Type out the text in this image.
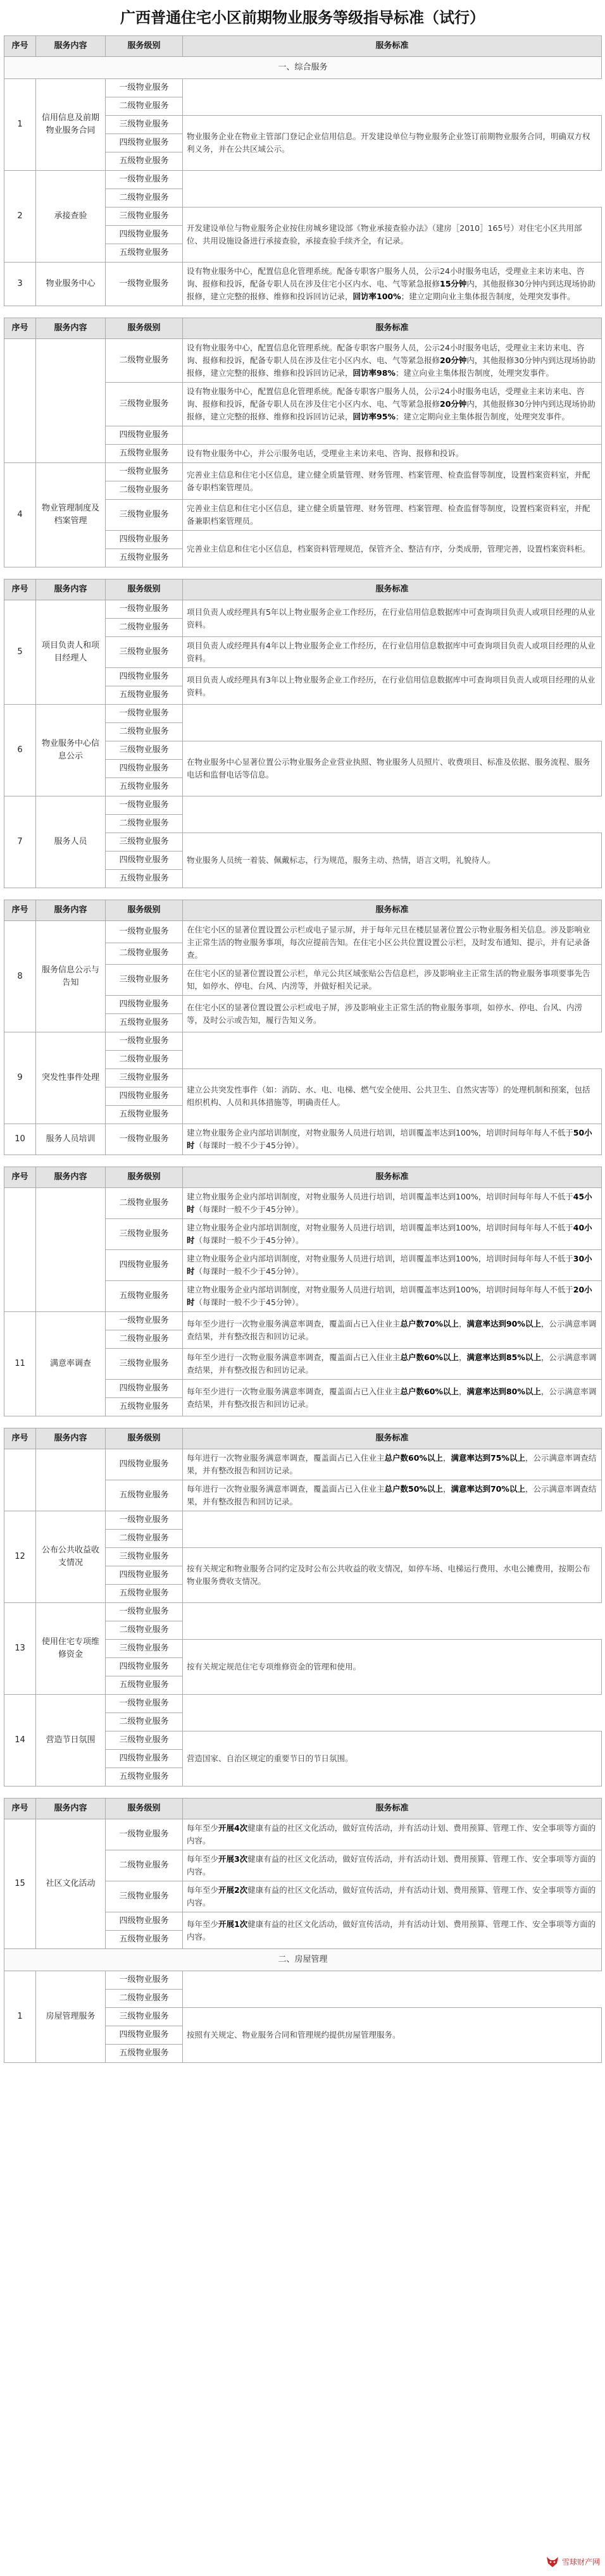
广西普通住宅小区前期物业服务等级指导标准（试行）
序号	服务内容	服务级别	服务标准
一、综合服务			
1	信用信息及前期物业服务合同	一级物业服务	
		二级物业服务	
		三级物业服务	物业服务企业在物业主管部门登记企业信用信息。开发建设单位与物业服务企业签订前期物业服务合同，明确双方权利义务，并在公共区域公示。
		四级物业服务	
		五级物业服务	
2	承接查验	一级物业服务	
		二级物业服务	
		三级物业服务	开发建设单位与物业服务企业按住房城乡建设部《物业承接查验办法》（建房［2010］165号）对住宅小区共用部位、共用设施设备进行承接查验，承接查验手续齐全，有记录。
		四级物业服务	
		五级物业服务	
3	物业服务中心	一级物业服务	设有物业服务中心，配置信息化管理系统。配备专职客户服务人员，公示24小时服务电话，受理业主来访来电、咨询、报修和投诉，配备专职人员在涉及住宅小区内水、电、气等紧急报修15分钟内，其他报修30分钟内到达现场协助报修，建立完整的报修、维修和投诉回访记录，回访率100%；建立定期向业主集体报告制度，处理突发事件。
序号	服务内容	服务级别	服务标准
		二级物业服务	设有物业服务中心，配置信息化管理系统。配备专职客户服务人员，公示24小时服务电话，受理业主来访来电、咨询、报修和投诉，配备专职人员在涉及住宅小区内水、电、气等紧急报修20分钟内，其他报修30分钟内到达现场协助报修，建立完整的报修、维修和投诉回访记录，回访率98%；建立向业主集体报告制度，处理突发事件。
		三级物业服务	设有物业服务中心，配置信息化管理系统。配备专职客户服务人员，公示24小时服务电话，受理业主来访来电、咨询、报修和投诉，配备专职人员在涉及住宅小区内水、电、气等紧急报修20分钟内，其他报修30分钟内到达现场协助报修，建立完整的报修、维修和投诉回访记录，回访率95%；建立定期向业主集体报告制度，处理突发事件。
		四级物业服务	
		五级物业服务	设有物业服务中心，并公示服务电话，受理业主来访来电、咨询、报修和投诉。
4	物业管理制度及档案管理	一级物业服务	完善业主信息和住宅小区信息，建立健全质量管理、财务管理、档案管理、检查监督等制度，设置档案资料室，并配备专职档案管理员。
		二级物业服务	
		三级物业服务	完善业主信息和住宅小区信息，建立健全质量管理、财务管理、档案管理、检查监督等制度，设置档案资料室，并配备兼职档案管理员。
		四级物业服务	完善业主信息和住宅小区信息，档案资料管理规范，保管齐全、整洁有序，分类成册，管理完善，设置档案资料柜。
		五级物业服务	
序号	服务内容	服务级别	服务标准
5	项目负责人和项目经理人	一级物业服务	项目负责人或经理具有5年以上物业服务企业工作经历，在行业信用信息数据库中可查询项目负责人或项目经理的从业资料。
		二级物业服务	
		三级物业服务	项目负责人或经理具有4年以上物业服务企业工作经历，在行业信用信息数据库中可查询项目负责人或项目经理的从业资料。
		四级物业服务	项目负责人或经理具有3年以上物业服务企业工作经历，在行业信用信息数据库中可查询项目负责人或项目经理的从业资料。
		五级物业服务	
6	物业服务中心信息公示	一级物业服务	
		二级物业服务	
		三级物业服务	在物业服务中心显著位置公示物业服务企业营业执照、物业服务人员照片、收费项目、标准及依据、服务流程、服务电话和监督电话等信息。
		四级物业服务	
		五级物业服务	
7	服务人员	一级物业服务	
		二级物业服务	
		三级物业服务	物业服务人员统一着装、佩戴标志，行为规范，服务主动、热情，语言文明，礼貌待人。
		四级物业服务	
		五级物业服务	
序号	服务内容	服务级别	服务标准
8	服务信息公示与告知	一级物业服务	在住宅小区的显著位置设置公示栏或电子显示屏，并于每年元旦在楼层显著位置公示物业服务相关信息。涉及影响业主正常生活的物业服务事项，每次应提前告知。在住宅小区公共位置设置公示栏，及时发布通知、提示，并有记录备查。
		二级物业服务	
		三级物业服务	在住宅小区的显著位置设置公示栏，单元公共区域张贴公告信息栏，涉及影响业主正常生活的物业服务事项要事先告知，如停水、停电、台风、内涝等，并做好相关记录。
		四级物业服务	在住宅小区的显著位置设置公示栏或电子屏，涉及影响业主正常生活的物业服务事项，如停水、停电、台风、内涝等，及时公示或告知，履行告知义务。
		五级物业服务	
9	突发性事件处理	一级物业服务	
		二级物业服务	
		三级物业服务	建立公共突发性事件（如：消防、水、电、电梯、燃气安全使用、公共卫生、自然灾害等）的处理机制和预案，包括组织机构、人员和具体措施等，明确责任人。
		四级物业服务	
		五级物业服务	
10	服务人员培训	一级物业服务	建立物业服务企业内部培训制度，对物业服务人员进行培训，培训覆盖率达到100%，培训时间每年每人不低于50小时（每课时一般不少于45分钟）。
序号	服务内容	服务级别	服务标准
		二级物业服务	建立物业服务企业内部培训制度，对物业服务人员进行培训，培训覆盖率达到100%，培训时间每年每人不低于45小时（每课时一般不少于45分钟）。
		三级物业服务	建立物业服务企业内部培训制度，对物业服务人员进行培训，培训覆盖率达到100%，培训时间每年每人不低于40小时（每课时一般不少于45分钟）。
		四级物业服务	建立物业服务企业内部培训制度，对物业服务人员进行培训，培训覆盖率达到100%，培训时间每年每人不低于30小时（每课时一般不少于45分钟）。
		五级物业服务	建立物业服务企业内部培训制度，对物业服务人员进行培训，培训覆盖率达到100%，培训时间每年每人不低于20小时（每课时一般不少于45分钟）。
11	满意率调查	一级物业服务	每年至少进行一次物业服务满意率调查，覆盖面占已入住业主总户数70%以上，满意率达到90%以上，公示满意率调查结果，并有整改报告和回访记录。
		二级物业服务	
		三级物业服务	每年至少进行一次物业服务满意率调查，覆盖面占已入住业主总户数60%以上，满意率达到85%以上，公示满意率调查结果，并有整改报告和回访记录。
		四级物业服务	每年至少进行一次物业服务满意率调查，覆盖面占已入住业主总户数60%以上，满意率达到80%以上，公示满意率调查结果，并有整改报告和回访记录。
		五级物业服务	
序号	服务内容	服务级别	服务标准
		四级物业服务	每年进行一次物业服务满意率调查，覆盖面占已入住业主总户数60%以上，满意率达到75%以上，公示满意率调查结果，并有整改报告和回访记录。
		五级物业服务	每年进行一次物业服务满意率调查，覆盖面占已入住业主总户数50%以上，满意率达到70%以上，公示满意率调查结果，并有整改报告和回访记录。
12	公布公共收益收支情况	一级物业服务	
		二级物业服务	
		三级物业服务	按有关规定和物业服务合同约定及时公布公共收益的收支情况，如停车场、电梯运行费用、水电公摊费用，按期公布物业服务费收支情况。
		四级物业服务	
		五级物业服务	
13	使用住宅专项维修资金	一级物业服务	
		二级物业服务	
		三级物业服务	按有关规定规范住宅专项维修资金的管理和使用。
		四级物业服务	
		五级物业服务	
14	营造节日氛围	一级物业服务	
		二级物业服务	
		三级物业服务	营造国家、自治区规定的重要节日的节日氛围。
		四级物业服务	
		五级物业服务	
序号	服务内容	服务级别	服务标准
15	社区文化活动	一级物业服务	每年至少开展4次健康有益的社区文化活动，做好宣传活动，并有活动计划、费用预算、管理工作、安全事项等方面的内容。
		二级物业服务	每年至少开展3次健康有益的社区文化活动，做好宣传活动，并有活动计划、费用预算、管理工作、安全事项等方面的内容。
		三级物业服务	每年至少开展2次健康有益的社区文化活动，做好宣传活动，并有活动计划、费用预算、管理工作、安全事项等方面的内容。
		四级物业服务	每年至少开展1次健康有益的社区文化活动，做好宣传活动，并有活动计划、费用预算、管理工作、安全事项等方面的内容。
		五级物业服务	
二、房屋管理			
1	房屋管理服务	一级物业服务	
		二级物业服务	
		三级物业服务	按照有关规定、物业服务合同和管理规约提供房屋管理服务。
		四级物业服务	
		五级物业服务	
雪球财产网
